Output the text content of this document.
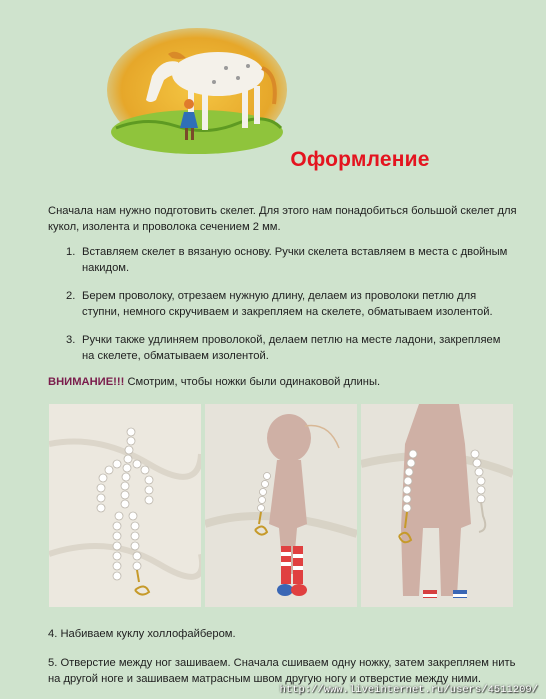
Оформление
Сначала нам нужно подготовить скелет. Для этого нам понадобиться большой скелет для кукол, изолента и проволока сечением 2 мм.
1. Вставляем скелет в вязаную основу. Ручки скелета вставляем в места с двойным накидом.
2. Берем проволоку, отрезаем нужную длину, делаем из проволоки петлю для ступни, немного скручиваем и закрепляем на скелете, обматываем изолентой.
3. Ручки также удлиняем проволокой, делаем петлю на месте ладони, закрепляем на скелете, обматываем изолентой.
ВНИМАНИЕ!!! Смотрим, чтобы ножки были одинаковой длины.
4. Набиваем куклу холлофайбером.
5. Отверстие между ног зашиваем. Сначала сшиваем одну ножку, затем закрепляем нить на другой ноге и зашиваем матрасным швом другую ногу и отверстие между ними.
http://www.liveinternet.ru/users/4511209/
